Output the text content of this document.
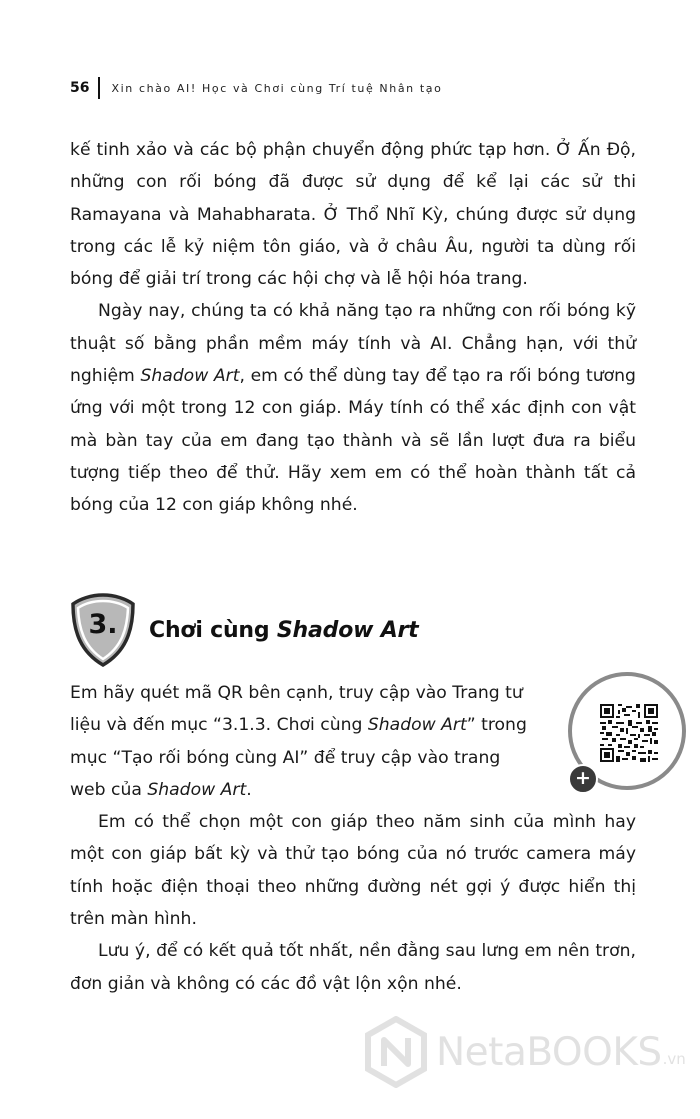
56 Xin chào AI! Học và Chơi cùng Trí tuệ Nhân tạo

kế tinh xảo và các bộ phận chuyển động phức tạp hơn. Ở Ấn Độ, những con rối bóng đã được sử dụng để kể lại các sử thi Ramayana và Mahabharata. Ở Thổ Nhĩ Kỳ, chúng được sử dụng trong các lễ kỷ niệm tôn giáo, và ở châu Âu, người ta dùng rối bóng để giải trí trong các hội chợ và lễ hội hóa trang.

Ngày nay, chúng ta có khả năng tạo ra những con rối bóng kỹ thuật số bằng phần mềm máy tính và AI. Chẳng hạn, với thử nghiệm Shadow Art, em có thể dùng tay để tạo ra rối bóng tương ứng với một trong 12 con giáp. Máy tính có thể xác định con vật mà bàn tay của em đang tạo thành và sẽ lần lượt đưa ra biểu tượng tiếp theo để thử. Hãy xem em có thể hoàn thành tất cả bóng của 12 con giáp không nhé.

3.	Chơi cùng Shadow Art

Em hãy quét mã QR bên cạnh, truy cập vào Trang tư liệu và đến mục “3.1.3. Chơi cùng Shadow Art” trong mục “Tạo rối bóng cùng AI” để truy cập vào trang web của Shadow Art.

Em có thể chọn một con giáp theo năm sinh của mình hay một con giáp bất kỳ và thử tạo bóng của nó trước camera máy tính hoặc điện thoại theo những đường nét gợi ý được hiển thị trên màn hình.

Lưu ý, để có kết quả tốt nhất, nền đằng sau lưng em nên trơn, đơn giản và không có các đồ vật lộn xộn nhé.

+
NetaBOOKS .vn
